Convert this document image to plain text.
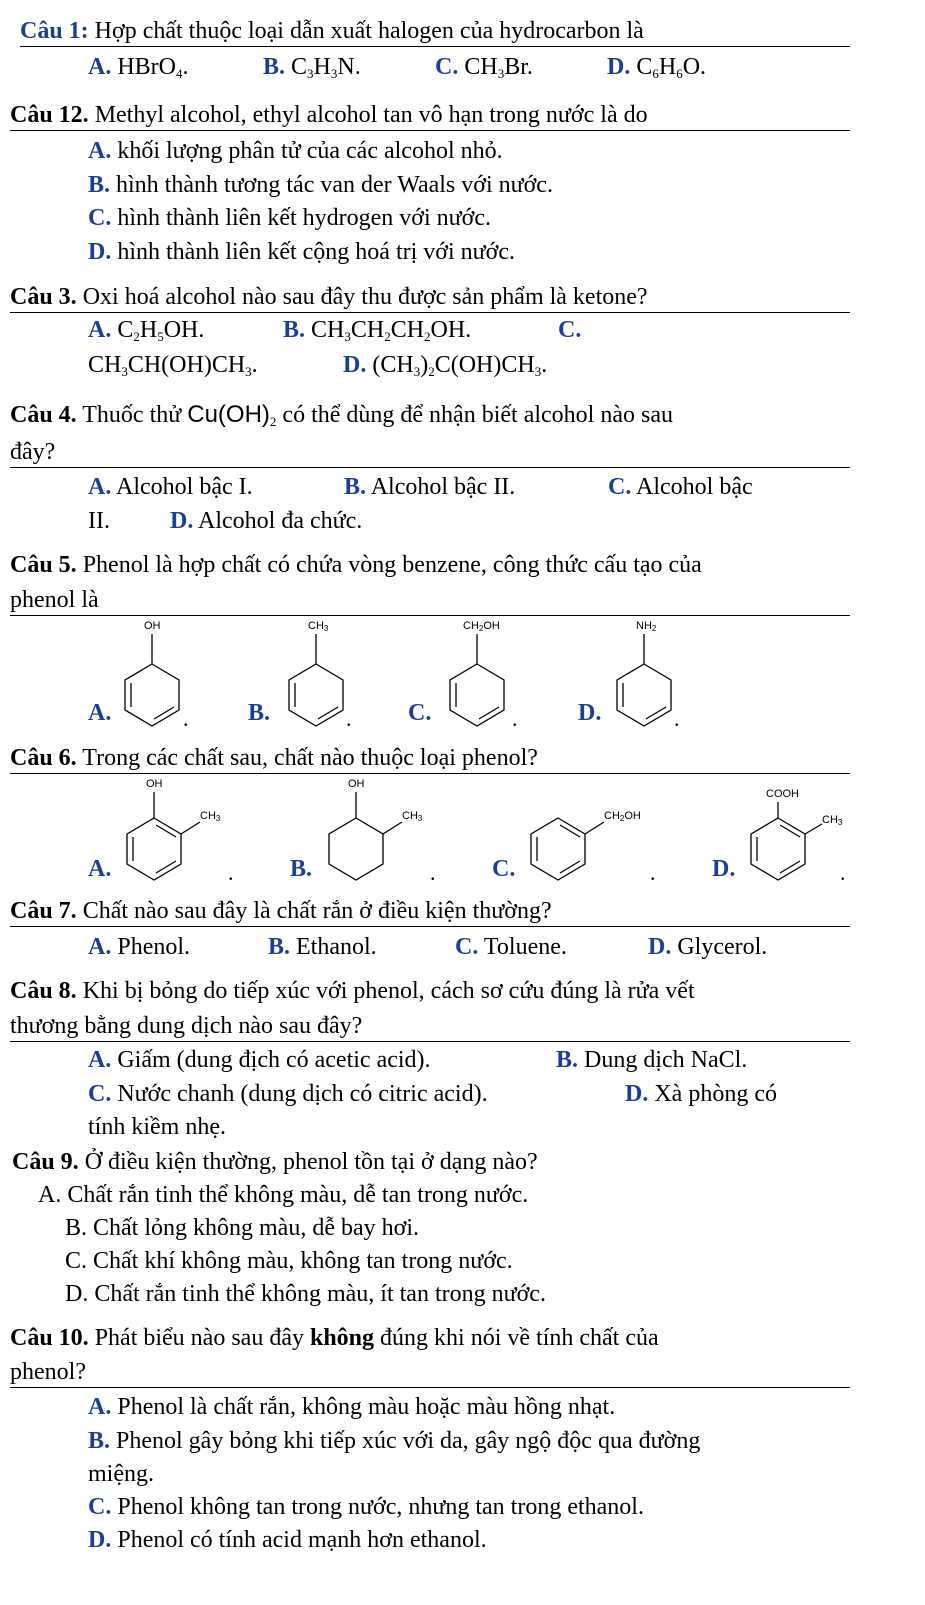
Câu 1: Hợp chất thuộc loại dẫn xuất halogen của hydrocarbon là
A. HBrO$_4$.	B. $C_3H_3N$.	C. $CH_3Br$.	D. $C_6H_6O$.
Câu 12. Methyl alcohol, ethyl alcohol tan vô hạn trong nước là do
A. khối lượng phân tử của các alcohol nhỏ.
B. hình thành tương tác van der Waals với nước.
C. hình thành liên kết hydrogen với nước.
D. hình thành liên kết cộng hoá trị với nước.
Câu 3. Oxi hoá alcohol nào sau đây thu được sản phẩm là ketone?
A. $C_2H_5OH$.	B. $CH_3CH_2CH_2OH$.	C.
$CH_3CH(OH)CH_3$.	D. $(CH_3)_2C(OH)CH_3$.
Câu 4. Thuốc thử $Cu(OH)_2$ có thể dùng để nhận biết alcohol nào sau
đây?
A. Alcohol bậc I.	B. Alcohol bậc II.	C. Alcohol bậc
II.	D. Alcohol đa chức.
Câu 5. Phenol là hợp chất có chứa vòng benzene, công thức cấu tạo của
phenol là
A.
OH
. B.
$CH_3$
. C.
$CH_2OH$
.	D.
$NH_2$
.
Câu 6. Trong các chất sau, chất nào thuộc loại phenol?
A.
OH
$CH_3$
. B.
OH
$CH_3$
. C.
$CH_2OH$
. D.
COOH
$CH_3$
.
Câu 7. Chất nào sau đây là chất rắn ở điều kiện thường?
A. Phenol.	B. Ethanol.	C. Toluene.	D. Glycerol.
Câu 8. Khi bị bỏng do tiếp xúc với phenol, cách sơ cứu đúng là rửa vết
thương bằng dung dịch nào sau đây?
A. Giấm (dung địch có acetic acid).	B. Dung dịch NaCl.
C. Nước chanh (dung dịch có citric acid).	D. Xà phòng có
tính kiềm nhẹ.
Câu 9. Ở điều kiện thường, phenol tồn tại ở dạng nào?
A. Chất rắn tinh thể không màu, dễ tan trong nước.
B. Chất lỏng không màu, dễ bay hơi.
C. Chất khí không màu, không tan trong nước.
D. Chất rắn tinh thể không màu, ít tan trong nước.
Câu 10. Phát biểu nào sau đây không đúng khi nói về tính chất của
phenol?
A. Phenol là chất rắn, không màu hoặc màu hồng nhạt.
B. Phenol gây bỏng khi tiếp xúc với da, gây ngộ độc qua đường
miệng.
C. Phenol không tan trong nước, nhưng tan trong ethanol.
D. Phenol có tính acid mạnh hơn ethanol.
